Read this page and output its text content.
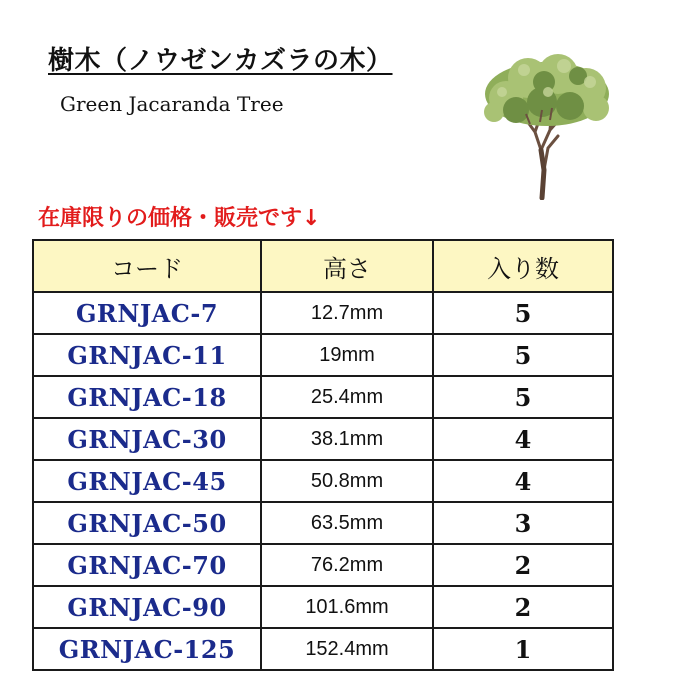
樹木（ノウゼンカズラの木）
Green Jacaranda Tree
在庫限りの価格・販売です↓
コード	高さ	入り数
GRNJAC-7	12.7mm	5
GRNJAC-11	19mm	5
GRNJAC-18	25.4mm	5
GRNJAC-30	38.1mm	4
GRNJAC-45	50.8mm	4
GRNJAC-50	63.5mm	3
GRNJAC-70	76.2mm	2
GRNJAC-90	101.6mm	2
GRNJAC-125	152.4mm	1
